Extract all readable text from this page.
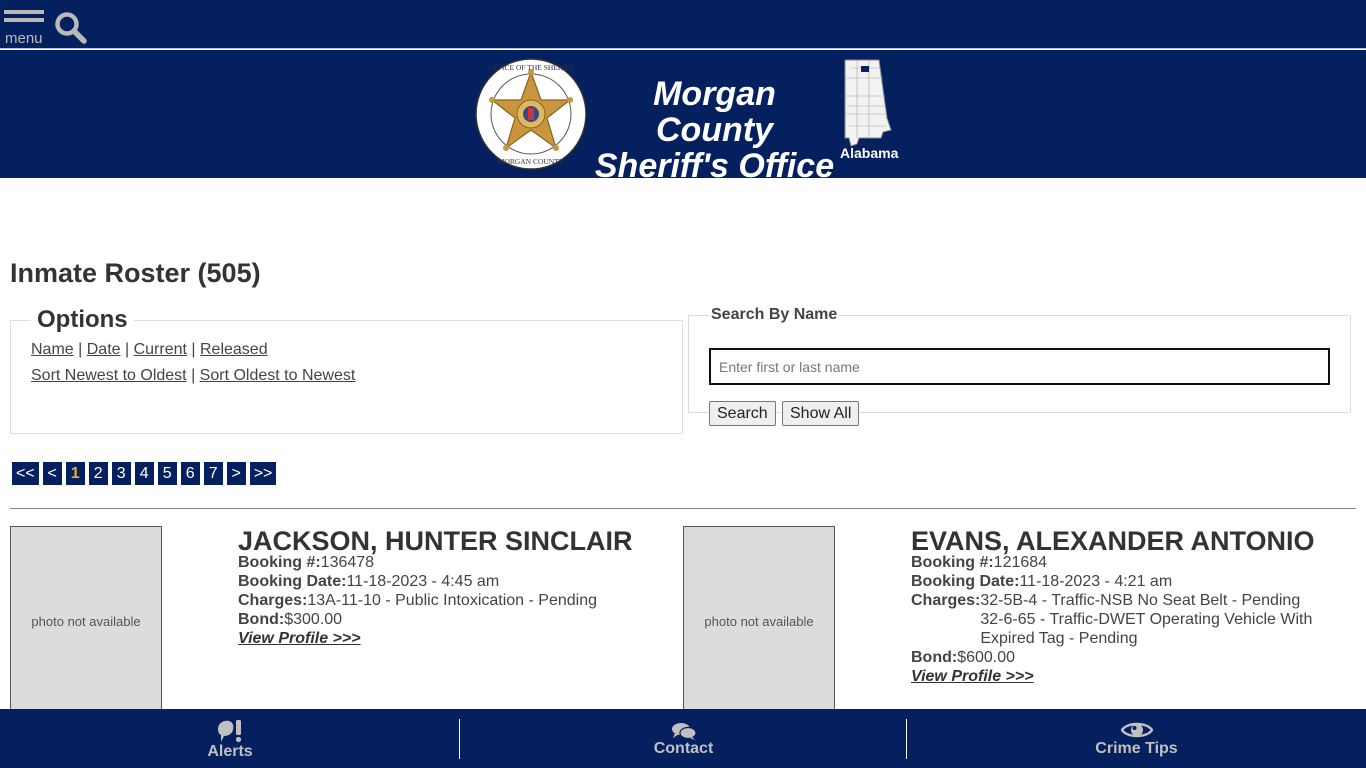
menu
OFFICE OF THE SHERIFF
MORGAN COUNTY
Morgan County
Sheriff's Office Alabama
Inmate Roster (505)
Options
Name | Date | Current | Released
Sort Newest to Oldest | Sort Oldest to Newest
Search By Name
Enter first or last name
Search	Show All
<< < 1 2 3 4 5 6 7 > >>
photo not available
JACKSON, HUNTER SINCLAIR
Booking #:136478
Booking Date:11-18-2023 - 4:45 am
Charges:13A-11-10 - Public Intoxication - Pending
Bond:$300.00
View Profile >>>
photo not available
EVANS, ALEXANDER ANTONIO
Booking #:121684
Booking Date:11-18-2023 - 4:21 am
Charges: 32-5B-4 - Traffic-NSB No Seat Belt - Pending
32-6-65 - Traffic-DWET Operating Vehicle With
Expired Tag - Pending
Bond:$600.00
View Profile >>>
Alerts	Contact	Crime Tips
